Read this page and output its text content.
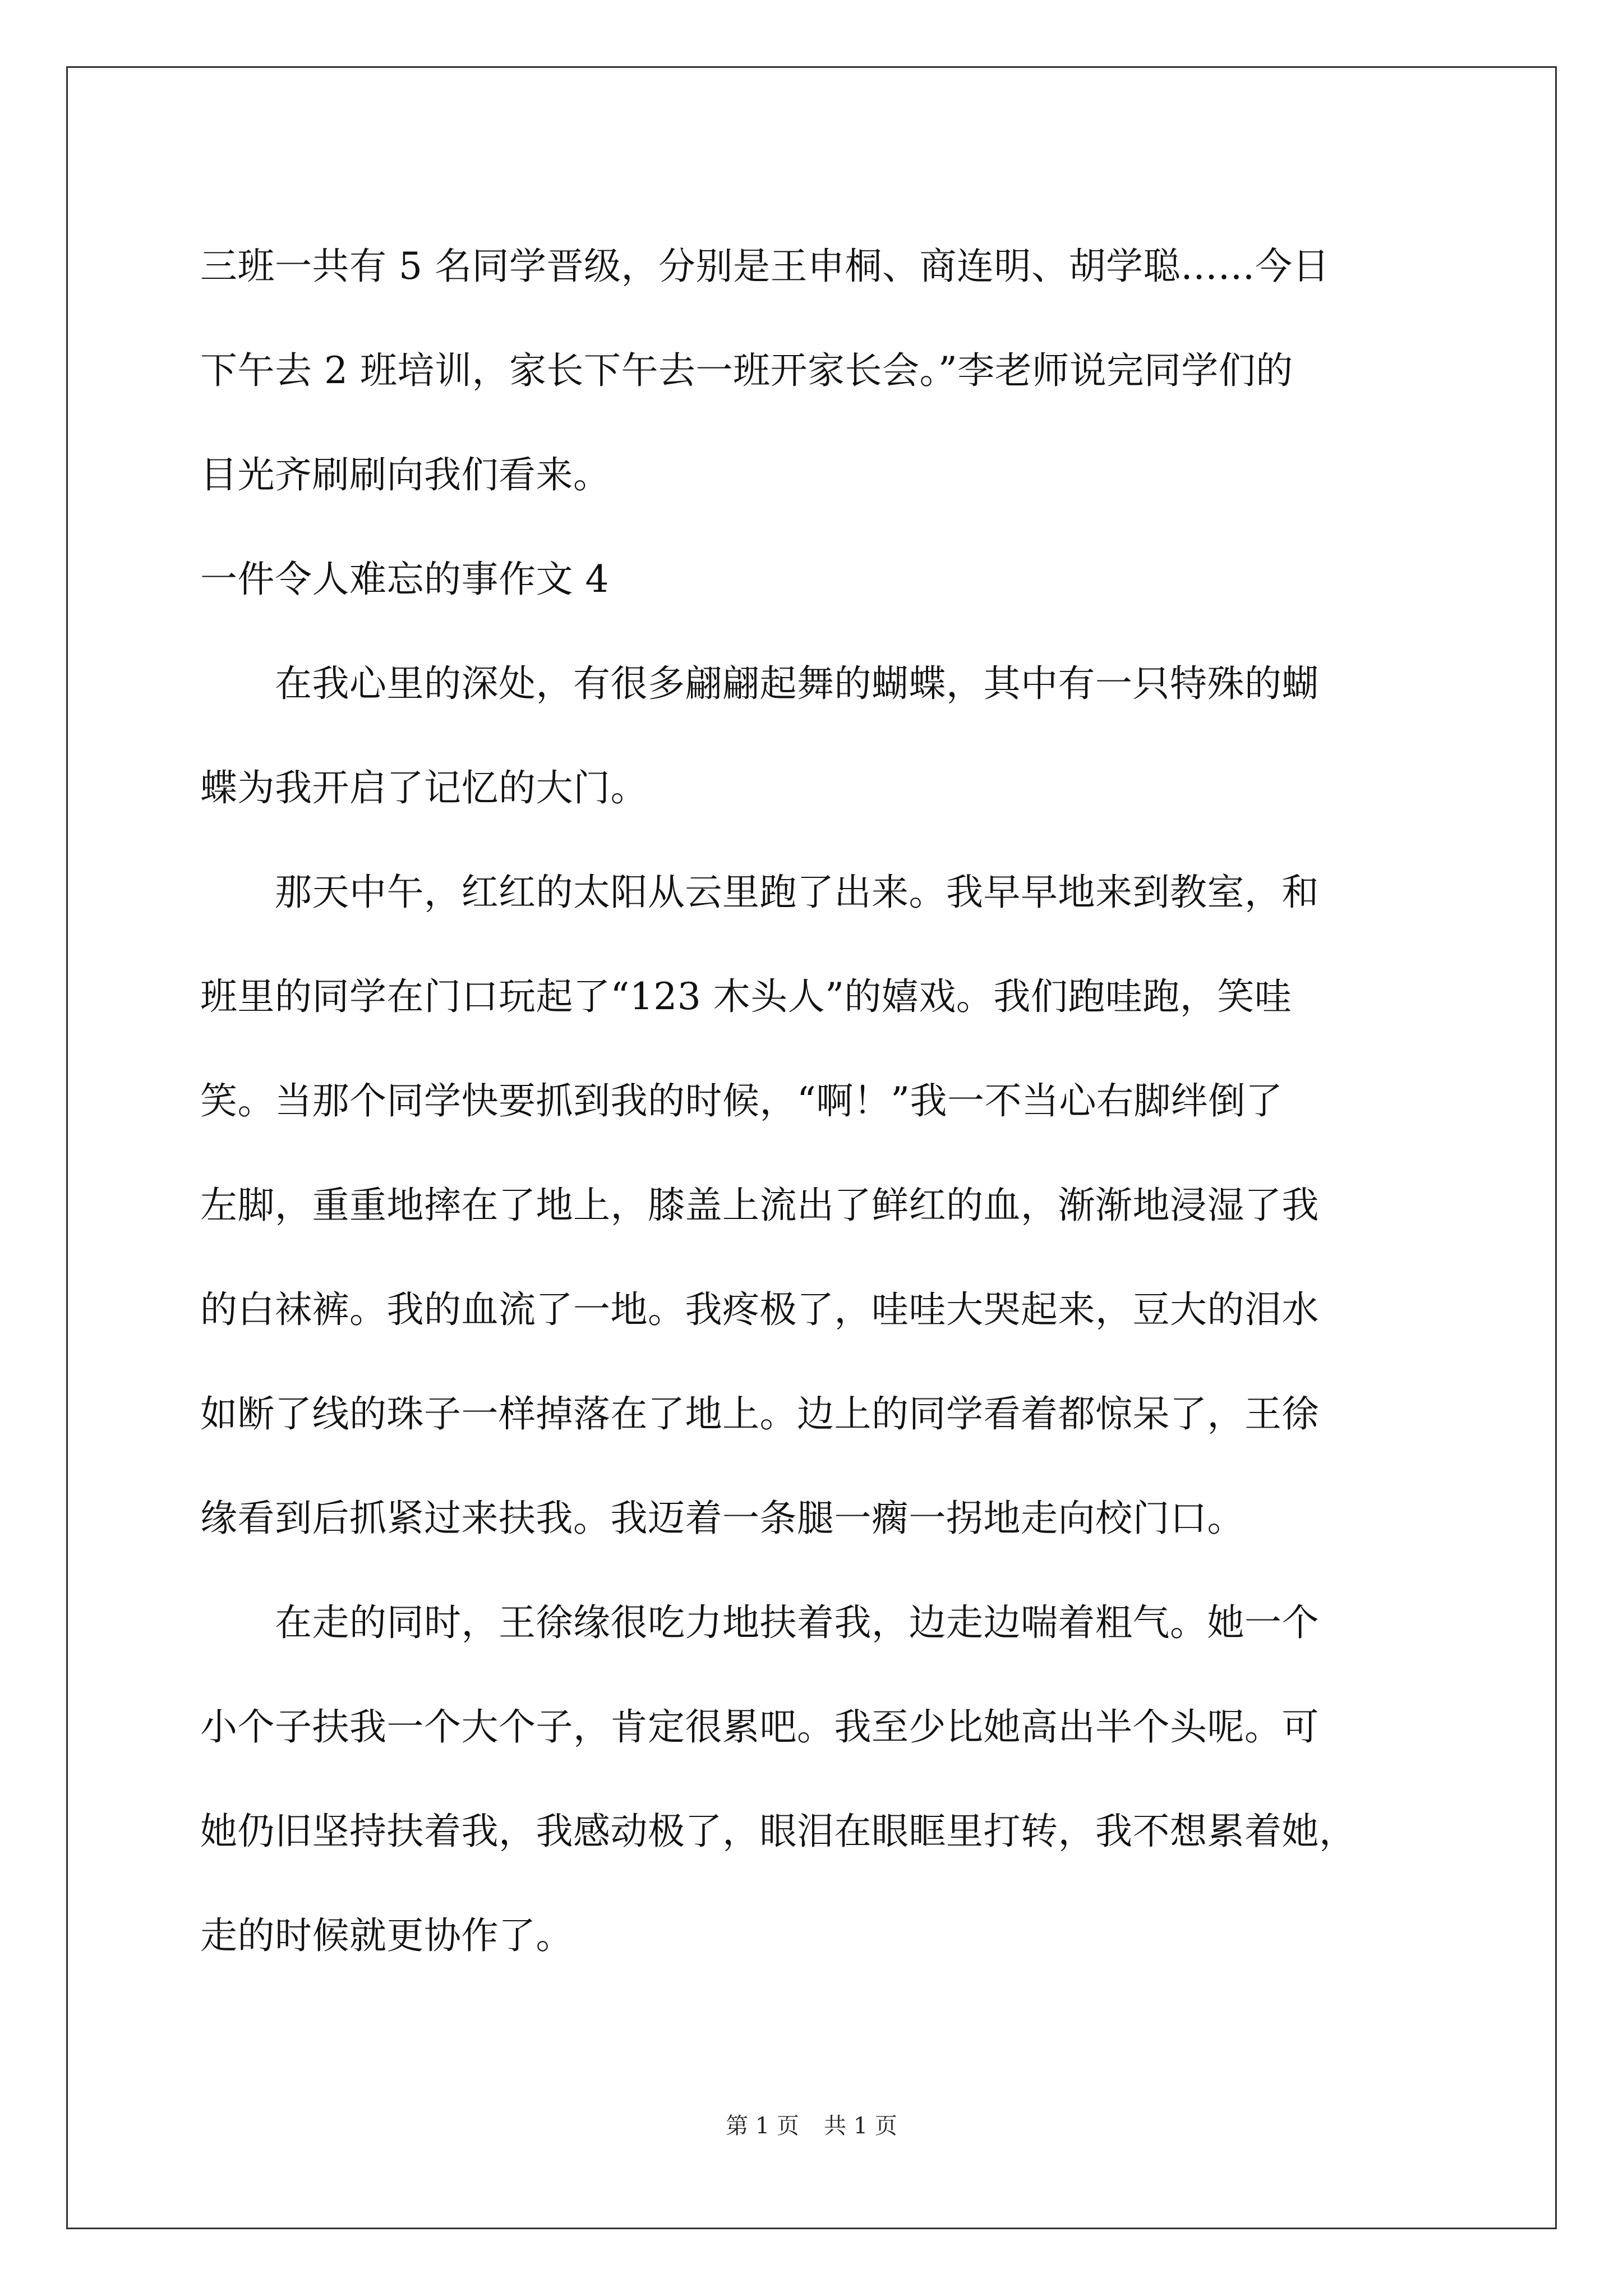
三班一共有 5 名同学晋级，分别是王申桐、商连明、胡学聪……今日
下午去 2 班培训，家长下午去一班开家长会。”李老师说完同学们的
目光齐刷刷向我们看来。
一件令人难忘的事作文 4
　　在我心里的深处，有很多翩翩起舞的蝴蝶，其中有一只特殊的蝴
蝶为我开启了记忆的大门。
　　那天中午，红红的太阳从云里跑了出来。我早早地来到教室，和
班里的同学在门口玩起了“123 木头人”的嬉戏。我们跑哇跑，笑哇
笑。当那个同学快要抓到我的时候，“啊！”我一不当心右脚绊倒了
左脚，重重地摔在了地上，膝盖上流出了鲜红的血，渐渐地浸湿了我
的白袜裤。我的血流了一地。我疼极了，哇哇大哭起来，豆大的泪水
如断了线的珠子一样掉落在了地上。边上的同学看着都惊呆了，王徐
缘看到后抓紧过来扶我。我迈着一条腿一瘸一拐地走向校门口。
　　在走的同时，王徐缘很吃力地扶着我，边走边喘着粗气。她一个
小个子扶我一个大个子，肯定很累吧。我至少比她高出半个头呢。可
她仍旧坚持扶着我，我感动极了，眼泪在眼眶里打转，我不想累着她，
走的时候就更协作了。
第 1 页 共 1 页
